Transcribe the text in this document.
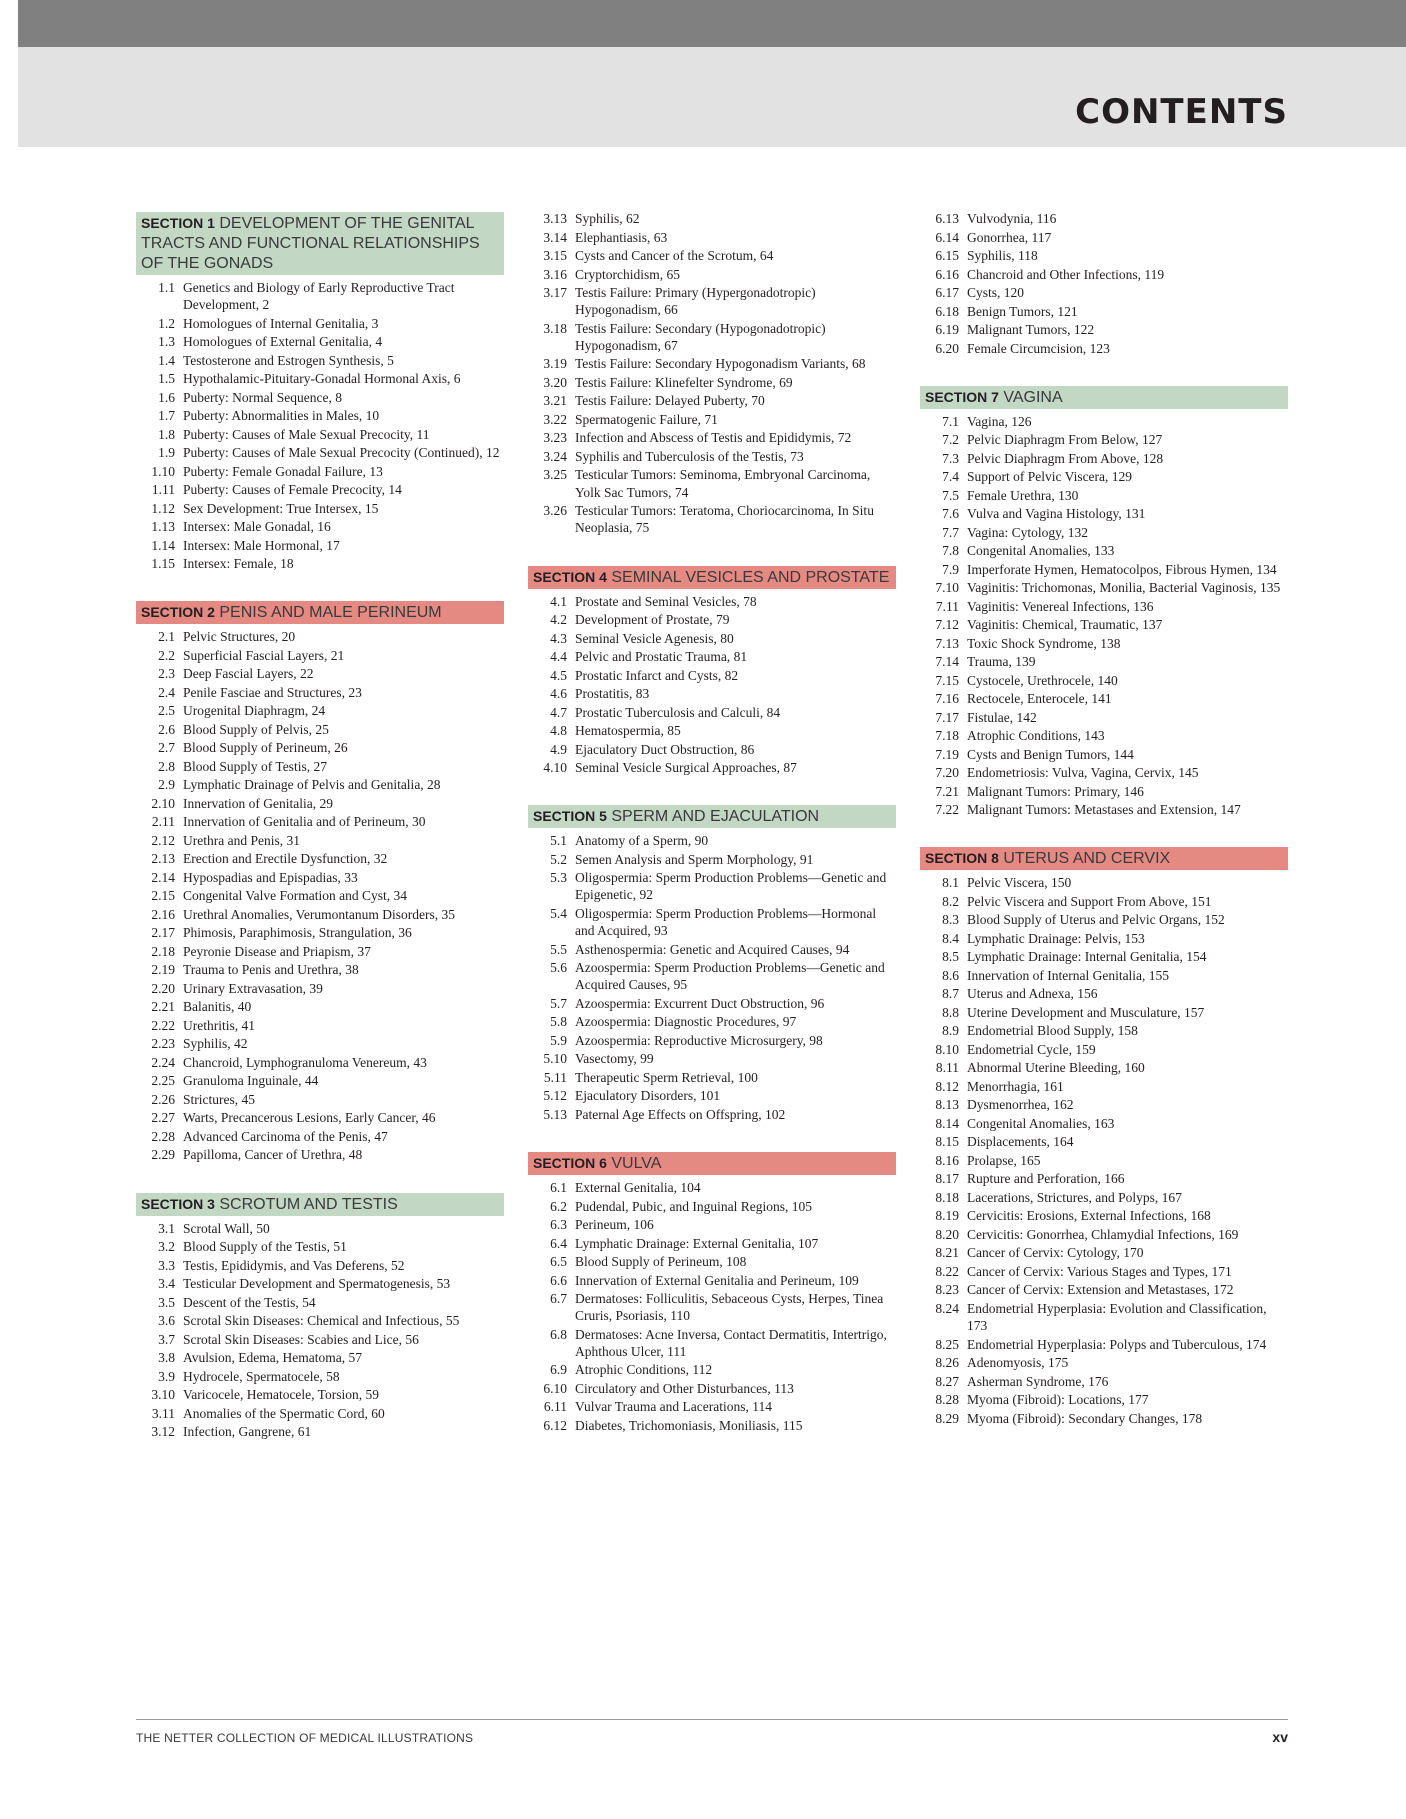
CONTENTS
SECTION 1 DEVELOPMENT OF THE GENITAL TRACTS AND FUNCTIONAL RELATIONSHIPS OF THE GONADS
1.1 Genetics and Biology of Early Reproductive Tract Development, 2
1.2 Homologues of Internal Genitalia, 3
1.3 Homologues of External Genitalia, 4
1.4 Testosterone and Estrogen Synthesis, 5
1.5 Hypothalamic-Pituitary-Gonadal Hormonal Axis, 6
1.6 Puberty: Normal Sequence, 8
1.7 Puberty: Abnormalities in Males, 10
1.8 Puberty: Causes of Male Sexual Precocity, 11
1.9 Puberty: Causes of Male Sexual Precocity (Continued), 12
1.10 Puberty: Female Gonadal Failure, 13
1.11 Puberty: Causes of Female Precocity, 14
1.12 Sex Development: True Intersex, 15
1.13 Intersex: Male Gonadal, 16
1.14 Intersex: Male Hormonal, 17
1.15 Intersex: Female, 18
SECTION 2 PENIS AND MALE PERINEUM
2.1 Pelvic Structures, 20
2.2 Superficial Fascial Layers, 21
2.3 Deep Fascial Layers, 22
2.4 Penile Fasciae and Structures, 23
2.5 Urogenital Diaphragm, 24
2.6 Blood Supply of Pelvis, 25
2.7 Blood Supply of Perineum, 26
2.8 Blood Supply of Testis, 27
2.9 Lymphatic Drainage of Pelvis and Genitalia, 28
2.10 Innervation of Genitalia, 29
2.11 Innervation of Genitalia and of Perineum, 30
2.12 Urethra and Penis, 31
2.13 Erection and Erectile Dysfunction, 32
2.14 Hypospadias and Epispadias, 33
2.15 Congenital Valve Formation and Cyst, 34
2.16 Urethral Anomalies, Verumontanum Disorders, 35
2.17 Phimosis, Paraphimosis, Strangulation, 36
2.18 Peyronie Disease and Priapism, 37
2.19 Trauma to Penis and Urethra, 38
2.20 Urinary Extravasation, 39
2.21 Balanitis, 40
2.22 Urethritis, 41
2.23 Syphilis, 42
2.24 Chancroid, Lymphogranuloma Venereum, 43
2.25 Granuloma Inguinale, 44
2.26 Strictures, 45
2.27 Warts, Precancerous Lesions, Early Cancer, 46
2.28 Advanced Carcinoma of the Penis, 47
2.29 Papilloma, Cancer of Urethra, 48
SECTION 3 SCROTUM AND TESTIS
3.1 Scrotal Wall, 50
3.2 Blood Supply of the Testis, 51
3.3 Testis, Epididymis, and Vas Deferens, 52
3.4 Testicular Development and Spermatogenesis, 53
3.5 Descent of the Testis, 54
3.6 Scrotal Skin Diseases: Chemical and Infectious, 55
3.7 Scrotal Skin Diseases: Scabies and Lice, 56
3.8 Avulsion, Edema, Hematoma, 57
3.9 Hydrocele, Spermatocele, 58
3.10 Varicocele, Hematocele, Torsion, 59
3.11 Anomalies of the Spermatic Cord, 60
3.12 Infection, Gangrene, 61
3.13 Syphilis, 62
3.14 Elephantiasis, 63
3.15 Cysts and Cancer of the Scrotum, 64
3.16 Cryptorchidism, 65
3.17 Testis Failure: Primary (Hypergonadotropic) Hypogonadism, 66
3.18 Testis Failure: Secondary (Hypogonadotropic) Hypogonadism, 67
3.19 Testis Failure: Secondary Hypogonadism Variants, 68
3.20 Testis Failure: Klinefelter Syndrome, 69
3.21 Testis Failure: Delayed Puberty, 70
3.22 Spermatogenic Failure, 71
3.23 Infection and Abscess of Testis and Epididymis, 72
3.24 Syphilis and Tuberculosis of the Testis, 73
3.25 Testicular Tumors: Seminoma, Embryonal Carcinoma, Yolk Sac Tumors, 74
3.26 Testicular Tumors: Teratoma, Choriocarcinoma, In Situ Neoplasia, 75
SECTION 4 SEMINAL VESICLES AND PROSTATE
4.1 Prostate and Seminal Vesicles, 78
4.2 Development of Prostate, 79
4.3 Seminal Vesicle Agenesis, 80
4.4 Pelvic and Prostatic Trauma, 81
4.5 Prostatic Infarct and Cysts, 82
4.6 Prostatitis, 83
4.7 Prostatic Tuberculosis and Calculi, 84
4.8 Hematospermia, 85
4.9 Ejaculatory Duct Obstruction, 86
4.10 Seminal Vesicle Surgical Approaches, 87
SECTION 5 SPERM AND EJACULATION
5.1 Anatomy of a Sperm, 90
5.2 Semen Analysis and Sperm Morphology, 91
5.3 Oligospermia: Sperm Production Problems—Genetic and Epigenetic, 92
5.4 Oligospermia: Sperm Production Problems—Hormonal and Acquired, 93
5.5 Asthenospermia: Genetic and Acquired Causes, 94
5.6 Azoospermia: Sperm Production Problems—Genetic and Acquired Causes, 95
5.7 Azoospermia: Excurrent Duct Obstruction, 96
5.8 Azoospermia: Diagnostic Procedures, 97
5.9 Azoospermia: Reproductive Microsurgery, 98
5.10 Vasectomy, 99
5.11 Therapeutic Sperm Retrieval, 100
5.12 Ejaculatory Disorders, 101
5.13 Paternal Age Effects on Offspring, 102
SECTION 6 VULVA
6.1 External Genitalia, 104
6.2 Pudendal, Pubic, and Inguinal Regions, 105
6.3 Perineum, 106
6.4 Lymphatic Drainage: External Genitalia, 107
6.5 Blood Supply of Perineum, 108
6.6 Innervation of External Genitalia and Perineum, 109
6.7 Dermatoses: Folliculitis, Sebaceous Cysts, Herpes, Tinea Cruris, Psoriasis, 110
6.8 Dermatoses: Acne Inversa, Contact Dermatitis, Intertrigo, Aphthous Ulcer, 111
6.9 Atrophic Conditions, 112
6.10 Circulatory and Other Disturbances, 113
6.11 Vulvar Trauma and Lacerations, 114
6.12 Diabetes, Trichomoniasis, Moniliasis, 115
6.13 Vulvodynia, 116
6.14 Gonorrhea, 117
6.15 Syphilis, 118
6.16 Chancroid and Other Infections, 119
6.17 Cysts, 120
6.18 Benign Tumors, 121
6.19 Malignant Tumors, 122
6.20 Female Circumcision, 123
SECTION 7 VAGINA
7.1 Vagina, 126
7.2 Pelvic Diaphragm From Below, 127
7.3 Pelvic Diaphragm From Above, 128
7.4 Support of Pelvic Viscera, 129
7.5 Female Urethra, 130
7.6 Vulva and Vagina Histology, 131
7.7 Vagina: Cytology, 132
7.8 Congenital Anomalies, 133
7.9 Imperforate Hymen, Hematocolpos, Fibrous Hymen, 134
7.10 Vaginitis: Trichomonas, Monilia, Bacterial Vaginosis, 135
7.11 Vaginitis: Venereal Infections, 136
7.12 Vaginitis: Chemical, Traumatic, 137
7.13 Toxic Shock Syndrome, 138
7.14 Trauma, 139
7.15 Cystocele, Urethrocele, 140
7.16 Rectocele, Enterocele, 141
7.17 Fistulae, 142
7.18 Atrophic Conditions, 143
7.19 Cysts and Benign Tumors, 144
7.20 Endometriosis: Vulva, Vagina, Cervix, 145
7.21 Malignant Tumors: Primary, 146
7.22 Malignant Tumors: Metastases and Extension, 147
SECTION 8 UTERUS AND CERVIX
8.1 Pelvic Viscera, 150
8.2 Pelvic Viscera and Support From Above, 151
8.3 Blood Supply of Uterus and Pelvic Organs, 152
8.4 Lymphatic Drainage: Pelvis, 153
8.5 Lymphatic Drainage: Internal Genitalia, 154
8.6 Innervation of Internal Genitalia, 155
8.7 Uterus and Adnexa, 156
8.8 Uterine Development and Musculature, 157
8.9 Endometrial Blood Supply, 158
8.10 Endometrial Cycle, 159
8.11 Abnormal Uterine Bleeding, 160
8.12 Menorrhagia, 161
8.13 Dysmenorrhea, 162
8.14 Congenital Anomalies, 163
8.15 Displacements, 164
8.16 Prolapse, 165
8.17 Rupture and Perforation, 166
8.18 Lacerations, Strictures, and Polyps, 167
8.19 Cervicitis: Erosions, External Infections, 168
8.20 Cervicitis: Gonorrhea, Chlamydial Infections, 169
8.21 Cancer of Cervix: Cytology, 170
8.22 Cancer of Cervix: Various Stages and Types, 171
8.23 Cancer of Cervix: Extension and Metastases, 172
8.24 Endometrial Hyperplasia: Evolution and Classification, 173
8.25 Endometrial Hyperplasia: Polyps and Tuberculous, 174
8.26 Adenomyosis, 175
8.27 Asherman Syndrome, 176
8.28 Myoma (Fibroid): Locations, 177
8.29 Myoma (Fibroid): Secondary Changes, 178
THE NETTER COLLECTION OF MEDICAL ILLUSTRATIONS	xv
